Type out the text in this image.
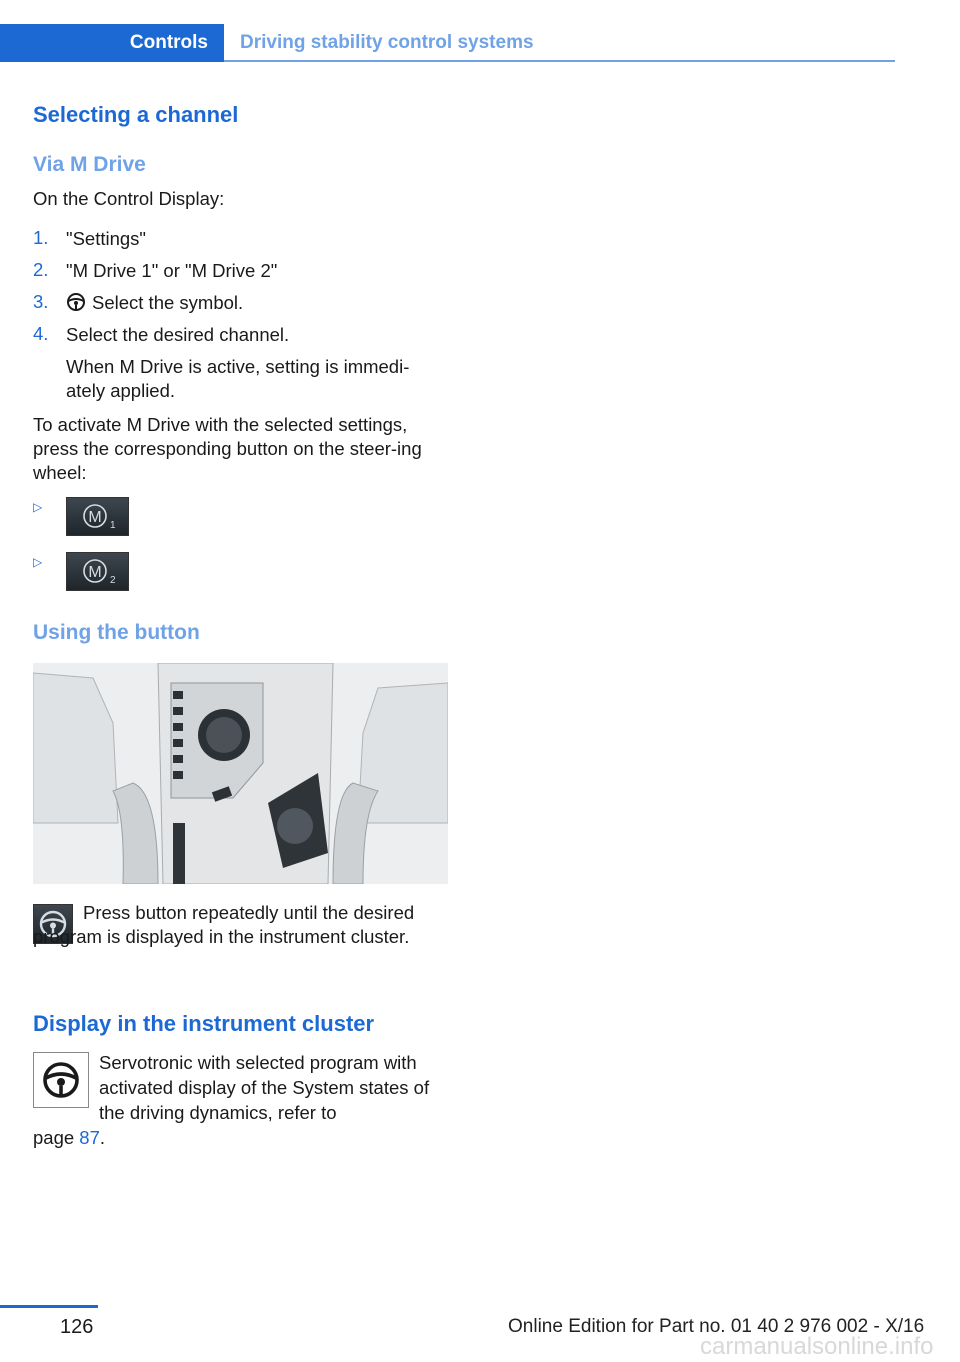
Controls	Driving stability control systems
Selecting a channel
Via M Drive
On the Control Display:
1. "Settings"
2. "M Drive 1" or "M Drive 2"
3.	Select the symbol.
4. Select the desired channel.
When M Drive is active, setting is immedi‐ately applied.
To activate M Drive with the selected settings, press the corresponding button on the steer‐ing wheel:
▷
M 1
▷
M 2
Using the button
Press button repeatedly until the desired program is displayed in the instrument cluster.
Display in the instrument cluster
Servotronic with selected program with activated display of the System states of the driving dynamics, refer to
page 87.
126	Online Edition for Part no. 01 40 2 976 002 - X/16
carmanualsonline.info
